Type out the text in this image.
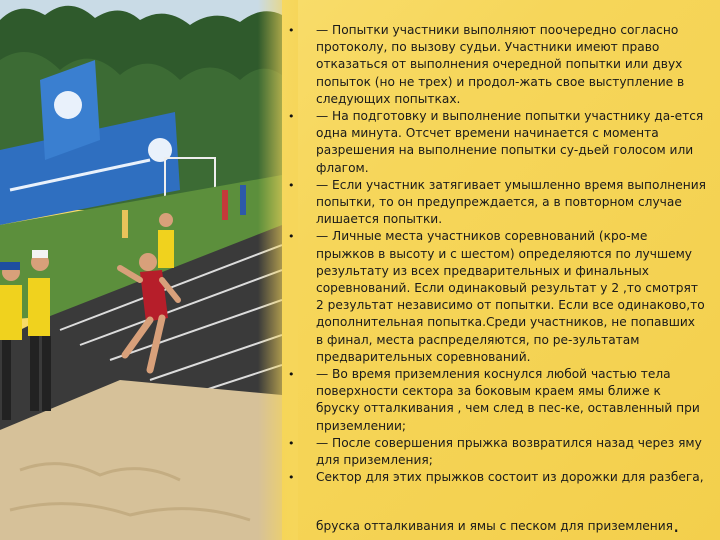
• — Попытки участники выполняют поочередно согласно протоколу, по вызову судьи. Участники имеют право отказаться от выполнения очередной попытки или двух попыток (но не трех) и продол-жать свое выступление в следующих попытках.
• — На подготовку и выполнение попытки участнику да-ется одна минута. Отсчет времени начинается с момента разрешения на выполнение попытки су-дьей голосом или флагом.
• — Если участник затягивает умышленно время выполнения попытки, то он предупреждается, а в повторном случае лишается попытки.
• — Личные места участников соревнований (кро-ме прыжков в высоту и с шестом) определяются по лучшему результату из всех предварительных и финальных соревнований. Если одинаковый результат у 2 ,то смотрят 2 результат независимо от попытки. Если все одинаково,то дополнительная попытка.Среди участников, не попавших в финал, места распределяются, по ре-зультатам предварительных соревнований.
• — Во время приземления коснулся любой частью тела поверхности сектора за боковым краем ямы ближе к бруску отталкивания , чем след в пес-ке, оставленный при приземлении;
• — После совершения прыжка возвратился назад через яму для приземления;
• Сектор для этих прыжков состоит из дорожки для разбега,
бруска отталкивания и ямы с песком для приземления.
